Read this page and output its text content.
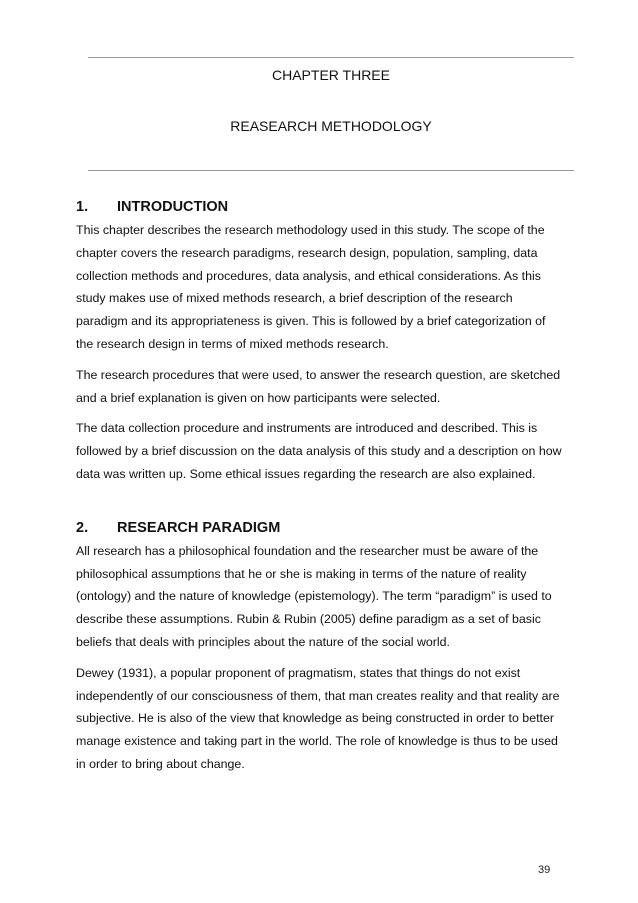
CHAPTER THREE
REASEARCH METHODOLOGY
1. INTRODUCTION

This chapter describes the research methodology used in this study. The scope of the chapter covers the research paradigms, research design, population, sampling, data collection methods and procedures, data analysis, and ethical considerations. As this study makes use of mixed methods research, a brief description of the research paradigm and its appropriateness is given. This is followed by a brief categorization of the research design in terms of mixed methods research.

The research procedures that were used, to answer the research question, are sketched and a brief explanation is given on how participants were selected.

The data collection procedure and instruments are introduced and described. This is followed by a brief discussion on the data analysis of this study and a description on how data was written up. Some ethical issues regarding the research are also explained.

2. RESEARCH PARADIGM

All research has a philosophical foundation and the researcher must be aware of the philosophical assumptions that he or she is making in terms of the nature of reality (ontology) and the nature of knowledge (epistemology). The term “paradigm” is used to describe these assumptions. Rubin & Rubin (2005) define paradigm as a set of basic beliefs that deals with principles about the nature of the social world.

Dewey (1931), a popular proponent of pragmatism, states that things do not exist independently of our consciousness of them, that man creates reality and that reality are subjective. He is also of the view that knowledge as being constructed in order to better manage existence and taking part in the world. The role of knowledge is thus to be used in order to bring about change.

39
